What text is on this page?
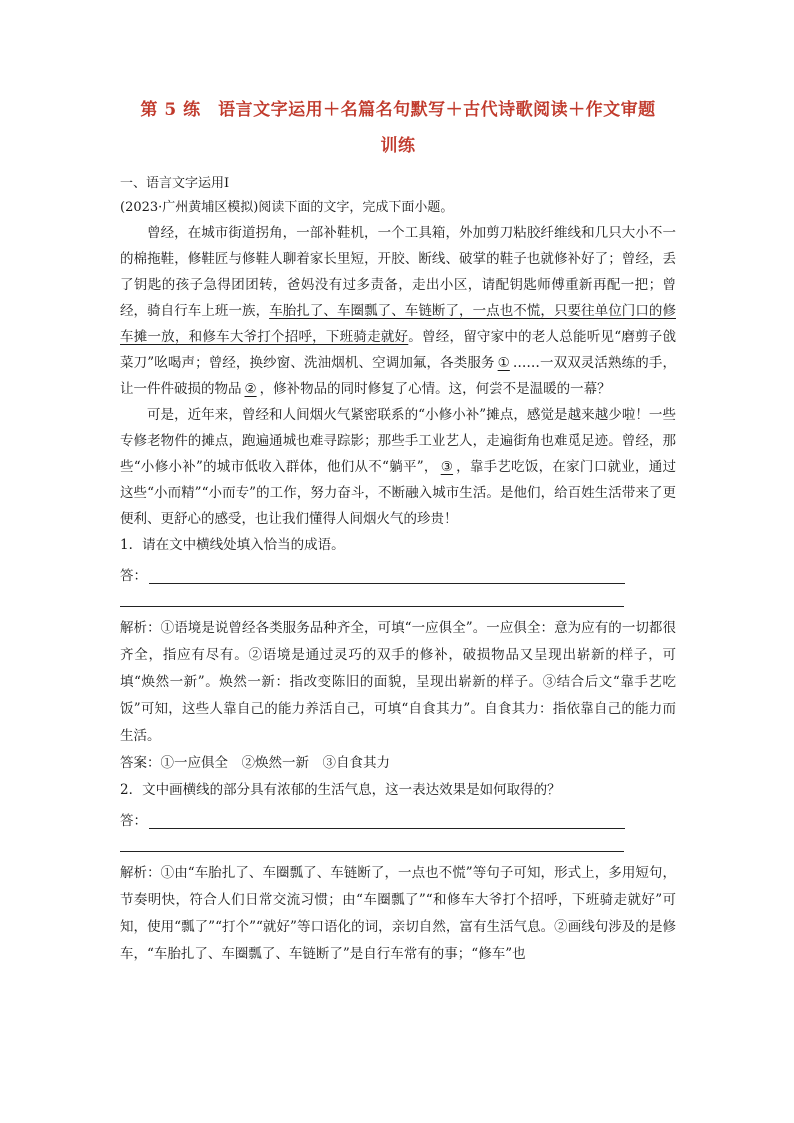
第 5 练　语言文字运用＋名篇名句默写＋古代诗歌阅读＋作文审题
训练

一、语言文字运用Ⅰ

(2023·广州黄埔区模拟)阅读下面的文字，完成下面小题。

曾经，在城市街道拐角，一部补鞋机，一个工具箱，外加剪刀粘胶纤维线和几只大小不一的棉拖鞋，修鞋匠与修鞋人聊着家长里短，开胶、断线、破掌的鞋子也就修补好了；曾经，丢了钥匙的孩子急得团团转，爸妈没有过多责备，走出小区，请配钥匙师傅重新再配一把；曾经，骑自行车上班一族，车胎扎了、车圈瓢了、车链断了，一点也不慌，只要往单位门口的修车摊一放，和修车大爷打个招呼，下班骑走就好。曾经，留守家中的老人总能听见“磨剪子戗菜刀”吆喝声；曾经，换纱窗、洗油烟机、空调加氟，各类服务 ① ……一双双灵活熟练的手，让一件件破损的物品 ② ，修补物品的同时修复了心情。这，何尝不是温暖的一幕？

可是，近年来，曾经和人间烟火气紧密联系的“小修小补”摊点，感觉是越来越少啦！一些专修老物件的摊点，跑遍通城也难寻踪影；那些手工业艺人，走遍街角也难觅足迹。曾经，那些“小修小补”的城市低收入群体，他们从不“躺平”， ③ ，靠手艺吃饭，在家门口就业，通过这些“小而精”“小而专”的工作，努力奋斗，不断融入城市生活。是他们，给百姓生活带来了更便利、更舒心的感受，也让我们懂得人间烟火气的珍贵！

1．请在文中横线处填入恰当的成语。

答：

解析：①语境是说曾经各类服务品种齐全，可填“一应俱全”。一应俱全：意为应有的一切都很齐全，指应有尽有。②语境是通过灵巧的双手的修补，破损物品又呈现出崭新的样子，可填“焕然一新”。焕然一新：指改变陈旧的面貌，呈现出崭新的样子。③结合后文“靠手艺吃饭”可知，这些人靠自己的能力养活自己，可填“自食其力”。自食其力：指依靠自己的能力而生活。

答案：①一应俱全　②焕然一新　③自食其力

2．文中画横线的部分具有浓郁的生活气息，这一表达效果是如何取得的？

答：

解析：①由“车胎扎了、车圈瓢了、车链断了，一点也不慌”等句子可知，形式上，多用短句，节奏明快，符合人们日常交流习惯；由“车圈瓢了”“和修车大爷打个招呼，下班骑走就好”可知，使用“瓢了”“打个”“就好”等口语化的词，亲切自然，富有生活气息。②画线句涉及的是修车，“车胎扎了、车圈瓢了、车链断了”是自行车常有的事；“修车”也
